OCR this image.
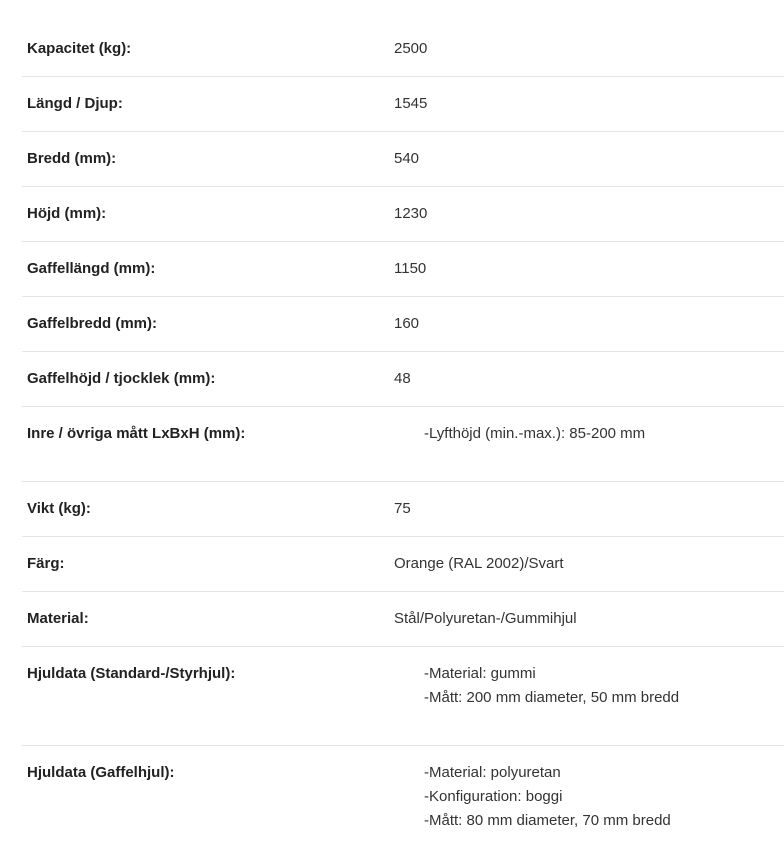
Kapacitet (kg):	2500
Längd / Djup:	1545
Bredd (mm):	540
Höjd (mm):	1230
Gaffellängd (mm):	1150
Gaffelbredd (mm):	160
Gaffelhöjd / tjocklek (mm):	48
Inre / övriga mått LxBxH (mm):	-Lyfthöjd (min.-max.): 85-200 mm
Vikt (kg):	75
Färg:	Orange (RAL 2002)/Svart
Material:	Stål/Polyuretan-/Gummihjul
Hjuldata (Standard-/Styrhjul):	-Material: gummi
-Mått: 200 mm diameter, 50 mm bredd
Hjuldata (Gaffelhjul):	-Material: polyuretan
-Konfiguration: boggi
-Mått: 80 mm diameter, 70 mm bredd
